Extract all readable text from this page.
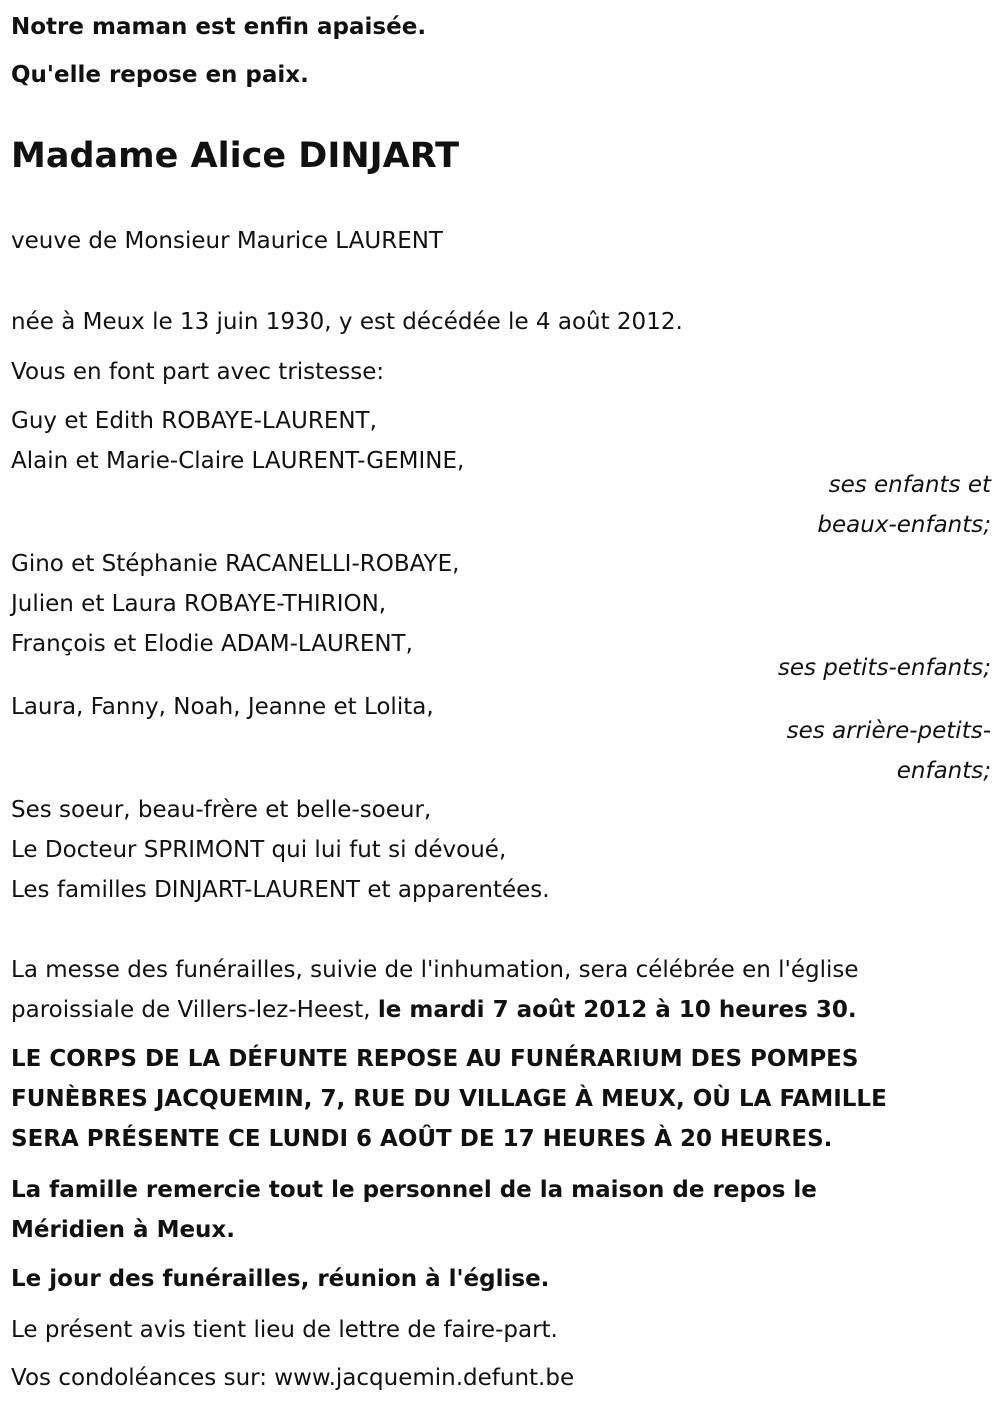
Notre maman est enfin apaisée.
Qu'elle repose en paix.
Madame Alice DINJART
veuve de Monsieur Maurice LAURENT
née à Meux le 13 juin 1930, y est décédée le 4 août 2012.
Vous en font part avec tristesse:
Guy et Edith ROBAYE-LAURENT,
Alain et Marie-Claire LAURENT-GEMINE,
ses enfants et
beaux-enfants;
Gino et Stéphanie RACANELLI-ROBAYE,
Julien et Laura ROBAYE-THIRION,
François et Elodie ADAM-LAURENT,
ses petits-enfants;
Laura, Fanny, Noah, Jeanne et Lolita,
ses arrière-petits-
enfants;
Ses soeur, beau-frère et belle-soeur,
Le Docteur SPRIMONT qui lui fut si dévoué,
Les familles DINJART-LAURENT et apparentées.
La messe des funérailles, suivie de l'inhumation, sera célébrée en l'église
paroissiale de Villers-lez-Heest, le mardi 7 août 2012 à 10 heures 30.
LE CORPS DE LA DÉFUNTE REPOSE AU FUNÉRARIUM DES POMPES
FUNÈBRES JACQUEMIN, 7, RUE DU VILLAGE À MEUX, OÙ LA FAMILLE
SERA PRÉSENTE CE LUNDI 6 AOÛT DE 17 HEURES À 20 HEURES.
La famille remercie tout le personnel de la maison de repos le
Méridien à Meux.
Le jour des funérailles, réunion à l'église.
Le présent avis tient lieu de lettre de faire-part.
Vos condoléances sur: www.jacquemin.defunt.be
